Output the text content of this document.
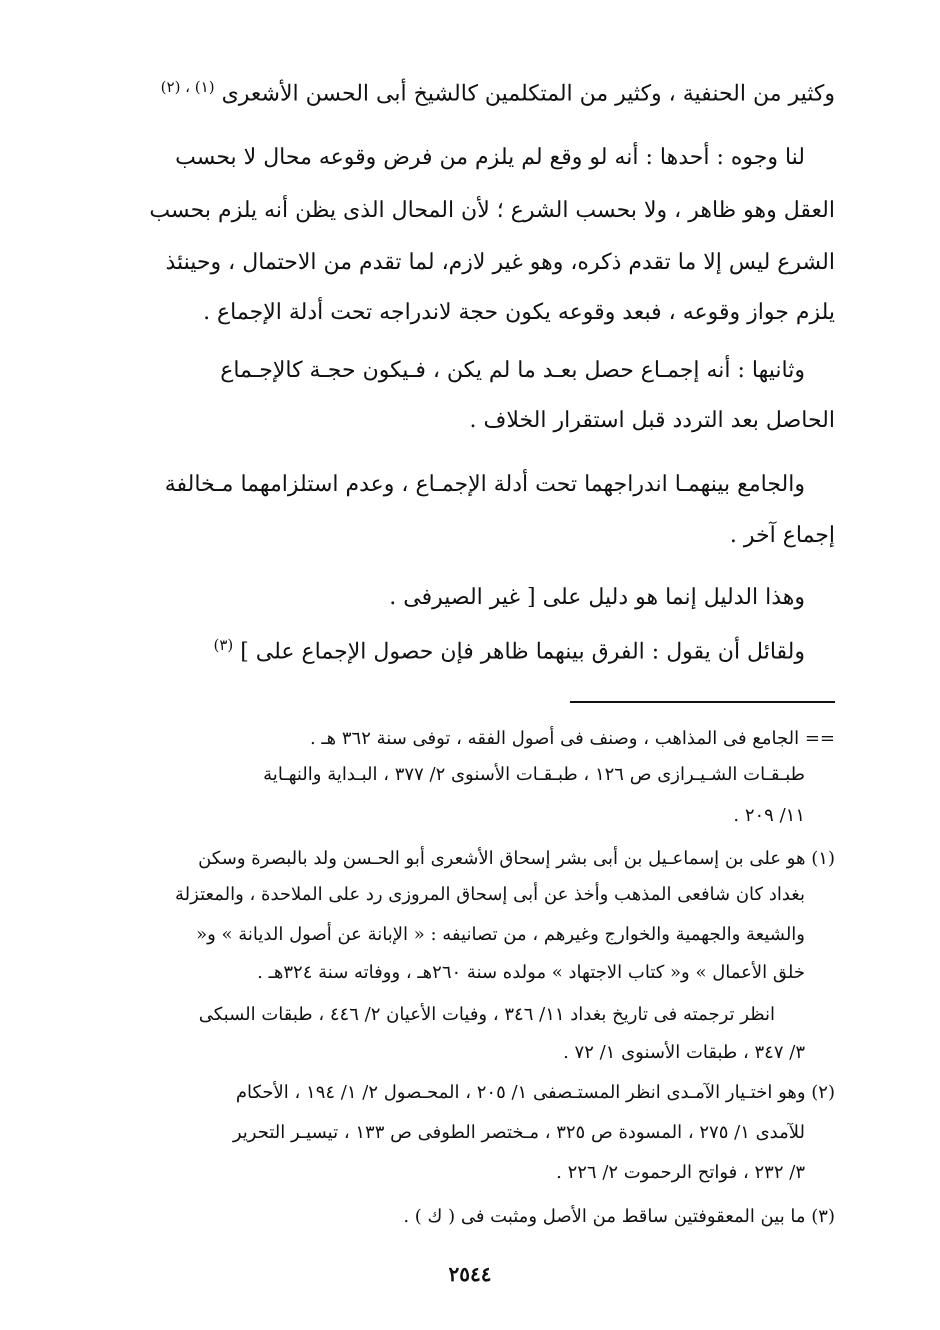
وكثير من الحنفية ، وكثير من المتكلمين كالشيخ أبى الحسن الأشعرى $^{(١) ، (٢)}$
لنا وجوه : أحدها : أنه لو وقع لم يلزم من فرض وقوعه محال لا بحسب
العقل وهو ظاهر ، ولا بحسب الشرع ؛ لأن المحال الذى يظن أنه يلزم بحسب
الشرع ليس إلا ما تقدم ذكره، وهو غير لازم، لما تقدم من الاحتمال ، وحينئذ
يلزم جواز وقوعه ، فبعد وقوعه يكون حجة لاندراجه تحت أدلة الإجماع .
وثانيها : أنه إجمـاع حصل بعـد ما لم يكن ، فـيكون حجـة كالإجـماع
الحاصل بعد التردد قبل استقرار الخلاف .
والجامع بينهمـا اندراجهما تحت أدلة الإجمـاع ، وعدم استلزامهما مـخالفة
إجماع آخر .
وهذا الدليل إنما هو دليل على [ غير الصيرفى .
ولقائل أن يقول : الفرق بينهما ظاهر فإن حصول الإجماع على ] $^{(٣)}$
== الجامع فى المذاهب ، وصنف فى أصول الفقه ، توفى سنة ٣٦٢ هـ .
طبـقـات الشـيـرازى ص ١٢٦ ، طبـقـات الأسنوى ٢/ ٣٧٧ ، البـداية والنهـاية
١١/ ٢٠٩ .
(١) هو على بن إسماعـيل بن أبى بشر إسحاق الأشعرى أبو الحـسن ولد بالبصرة وسكن
بغداد كان شافعى المذهب وأخذ عن أبى إسحاق المروزى رد على الملاحدة ، والمعتزلة
والشيعة والجهمية والخوارج وغيرهم ، من تصانيفه : « الإبانة عن أصول الديانة » و«
خلق الأعمال » و« كتاب الاجتهاد » مولده سنة ٢٦٠هـ ، ووفاته سنة ٣٢٤هـ .
انظر ترجمته فى تاريخ بغداد ١١/ ٣٤٦ ، وفيات الأعيان ٢/ ٤٤٦ ، طبقات السبكى
٣/ ٣٤٧ ، طبقات الأسنوى ١/ ٧٢ .
(٢) وهو اختـيار الآمـدى انظر المستـصفى ١/ ٢٠٥ ، المحـصول ٢/ ١/ ١٩٤ ، الأحكام
للآمدى ١/ ٢٧٥ ، المسودة ص ٣٢٥ ، مـختصر الطوفى ص ١٣٣ ، تيسيـر التحرير
٣/ ٢٣٢ ، فواتح الرحموت ٢/ ٢٢٦ .
(٣) ما بين المعقوفتين ساقط من الأصل ومثبت فى ( ك ) .
٢٥٤٤
